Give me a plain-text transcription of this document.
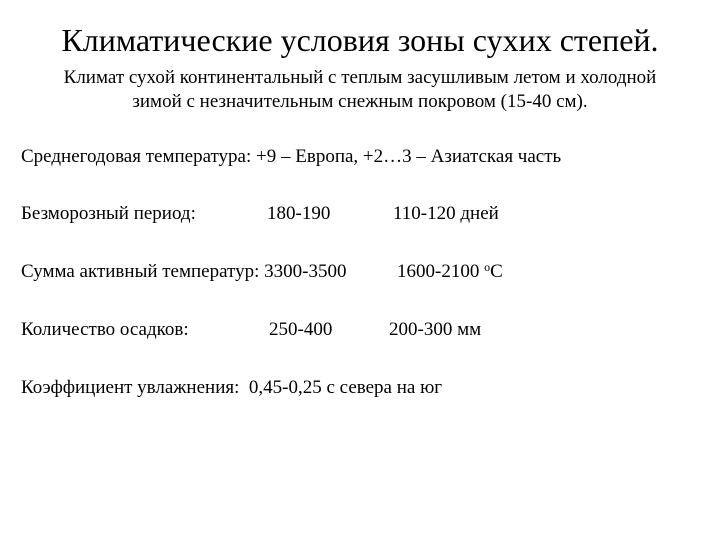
Климатические условия зоны сухих степей.
Климат сухой континентальный с теплым засушливым летом и холодной
зимой с незначительным снежным покровом (15-40 см).
Среднегодовая температура: +9 – Европа, +2…3 – Азиатская часть
Безморозный период:	180-190	110-120 дней
Сумма активный температур: 3300-3500	1600-2100 $^o$С
Количество осадков:	250-400	200-300 мм
Коэффициент увлажнения:  0,45-0,25 с севера на юг
